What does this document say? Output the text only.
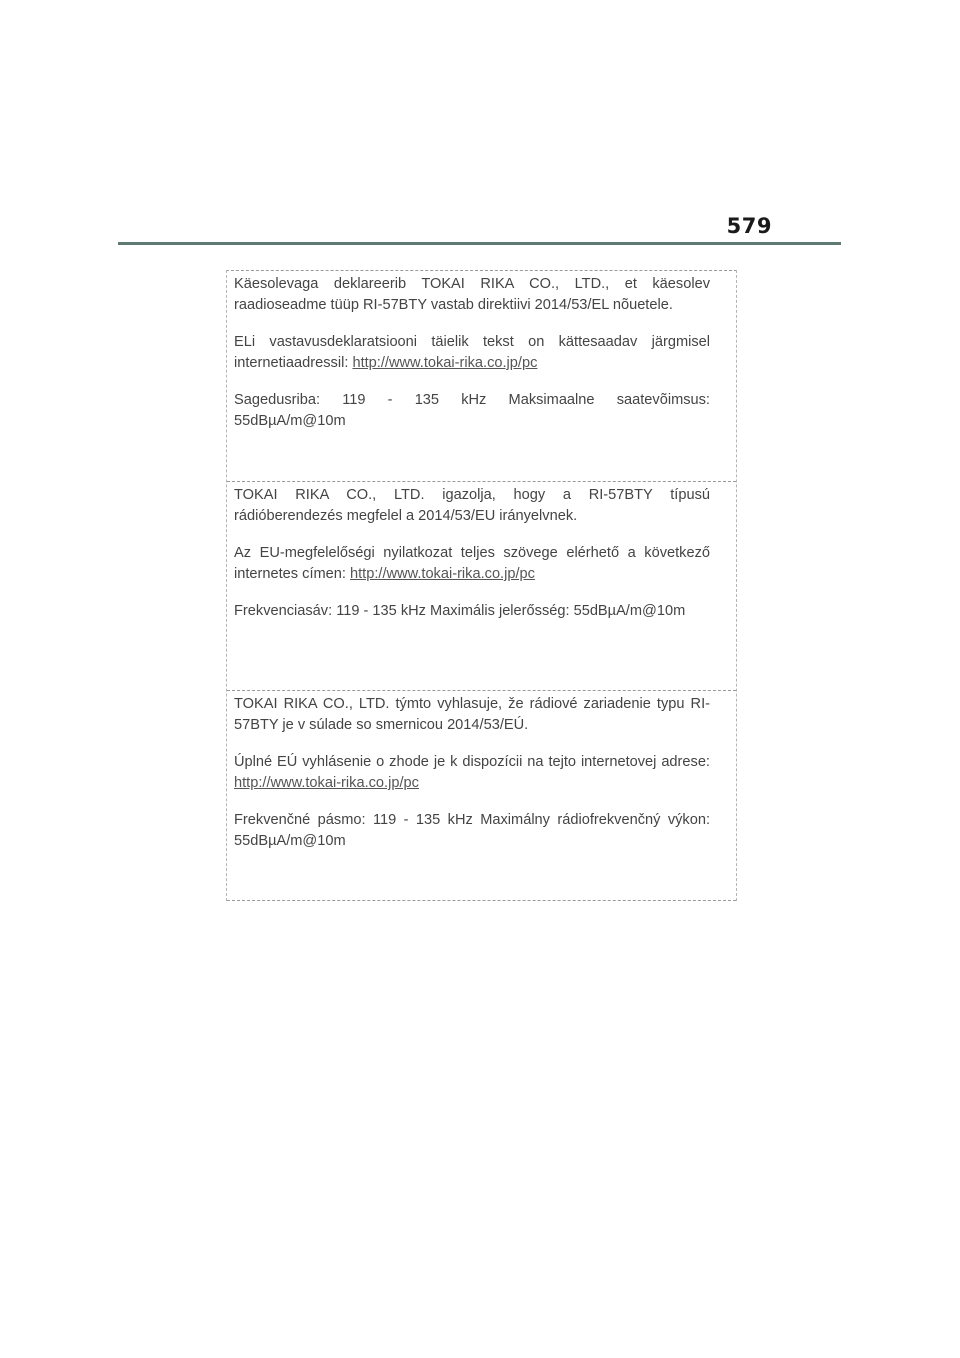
579

Käesolevaga deklareerib TOKAI RIKA CO., LTD., et käesolev raadioseadme tüüp RI-57BTY vastab direktiivi 2014/53/EL nõuetele.

ELi vastavusdeklaratsiooni täielik tekst on kättesaadav järgmisel internetiaadressil: http://www.tokai-rika.co.jp/pc
Sagedusriba: 119 - 135 kHz Maksimaalne saatevõimsus: 55dBµA/m@10m

TOKAI RIKA CO., LTD. igazolja, hogy a RI-57BTY típusú rádióberendezés megfelel a 2014/53/EU irányelvnek.

Az EU-megfelelőségi nyilatkozat teljes szövege elérhető a következő internetes címen: http://www.tokai-rika.co.jp/pc
Frekvenciasáv: 119 - 135 kHz Maximális jelerősség: 55dBµA/m@10m

TOKAI RIKA CO., LTD. týmto vyhlasuje, že rádiové zariadenie typu RI-57BTY je v súlade so smernicou 2014/53/EÚ.

Úplné EÚ vyhlásenie o zhode je k dispozícii na tejto internetovej adrese: http://www.tokai-rika.co.jp/pc
Frekvenčné pásmo: 119 - 135 kHz Maximálny rádiofrekvenčný výkon: 55dBµA/m@10m
